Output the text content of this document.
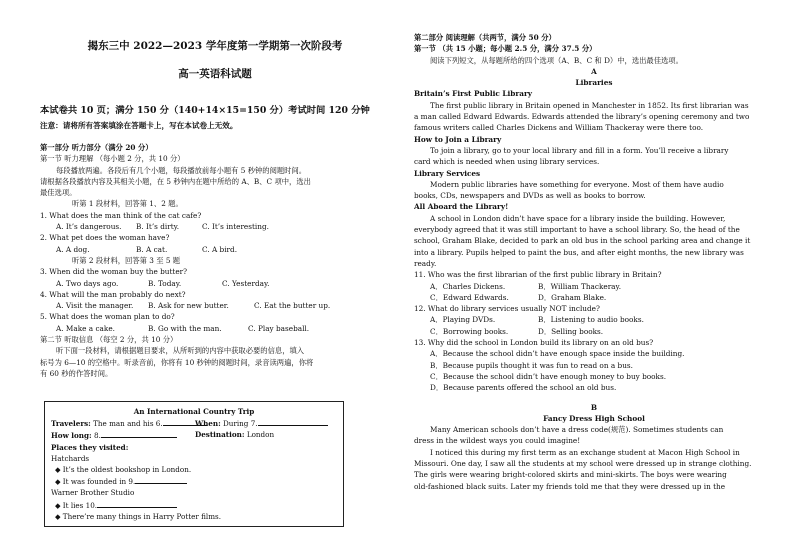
揭东三中 2022—2023 学年度第一学期第一次阶段考
高一英语科试题
本试卷共 10 页；满分 150 分（140+14×15=150 分）考试时间 120 分钟
注意：请将所有答案填涂在答题卡上，写在本试卷上无效。
第一部分 听力部分（满分 20 分）
第一节 听力理解 （每小题 2 分，共 10 分）
每段播放两遍。各段后有几个小题，每段播放前每小题有 5 秒钟的阅题时间。
请根据各段播放内容及其相关小题，在 5 秒钟内在题中所给的 A、B、C 项中，选出
最佳选项。
听第 1 段材料，回答第 1、2 题。
1. What does the man think of the cat cafe?
A. It’s dangerous.	B. It’s dirty.	C. It’s interesting.
2. What pet does the woman have?
A. A dog.	B. A cat.	C. A bird.
听第 2 段材料，回答第 3 至 5 题
3. When did the woman buy the butter?
A. Two days ago.	B. Today.	C. Yesterday.
4. What will the man probably do next?
A. Visit the manager.	B. Ask for new butter.	C. Eat the butter up.
5. What does the woman plan to do?
A. Make a cake.	B. Go with the man.	C. Play baseball.
第二节 听取信息 （每空 2 分，共 10 分）
听下面一段材料，请根据题目要求，从所听到的内容中获取必要的信息，填入
标号为 6—10 的空格中。听录音前，你将有 10 秒钟的阅题时间，录音读两遍，你将
有 60 秒的作答时间。
An International Country Trip
Travelers: The man and his 6.	When: During 7.
How long: 8.	Destination: London
Places they visited:
Hatchards
◆ It’s the oldest bookshop in London.
◆ It was founded in 9.
Warner Brother Studio
◆ It lies 10.
◆ There’re many things in Harry Potter films.
第二部分 阅读理解（共两节，满分 50 分）
第一节 （共 15 小题；每小题 2.5 分，满分 37.5 分）
阅读下列短文，从每题所给的四个选项（A、B、C 和 D）中，选出最佳选项。
A
Libraries
Britain’s First Public Library
The first public library in Britain opened in Manchester in 1852. Its first librarian was
a man called Edward Edwards. Edwards attended the library’s opening ceremony and two
famous writers called Charles Dickens and William Thackeray were there too.
How to Join a Library
To join a library, go to your local library and fill in a form. You’ll receive a library
card which is needed when using library services.
Library Services
Modern public libraries have something for everyone. Most of them have audio
books, CDs, newspapers and DVDs as well as books to borrow.
All Aboard the Library!
A school in London didn’t have space for a library inside the building. However,
everybody agreed that it was still important to have a school library. So, the head of the
school, Graham Blake, decided to park an old bus in the school parking area and change it
into a library. Pupils helped to paint the bus, and after eight months, the new library was
ready.
11. Who was the first librarian of the first public library in Britain?
A．Charles Dickens.	B．William Thackeray.
C．Edward Edwards.	D．Graham Blake.
12. What do library services usually NOT include?
A．Playing DVDs.	B．Listening to audio books.
C．Borrowing books.	D．Selling books.
13. Why did the school in London build its library on an old bus?
A．Because the school didn’t have enough space inside the building.
B．Because pupils thought it was fun to read on a bus.
C．Because the school didn’t have enough money to buy books.
D．Because parents offered the school an old bus.
B
Fancy Dress High School
Many American schools don’t have a dress code(规范). Sometimes students can
dress in the wildest ways you could imagine!
I noticed this during my first term as an exchange student at Macon High School in
Missouri. One day, I saw all the students at my school were dressed up in strange clothing.
The girls were wearing bright-colored skirts and mini-skirts. The boys were wearing
old-fashioned black suits. Later my friends told me that they were dressed up in the
